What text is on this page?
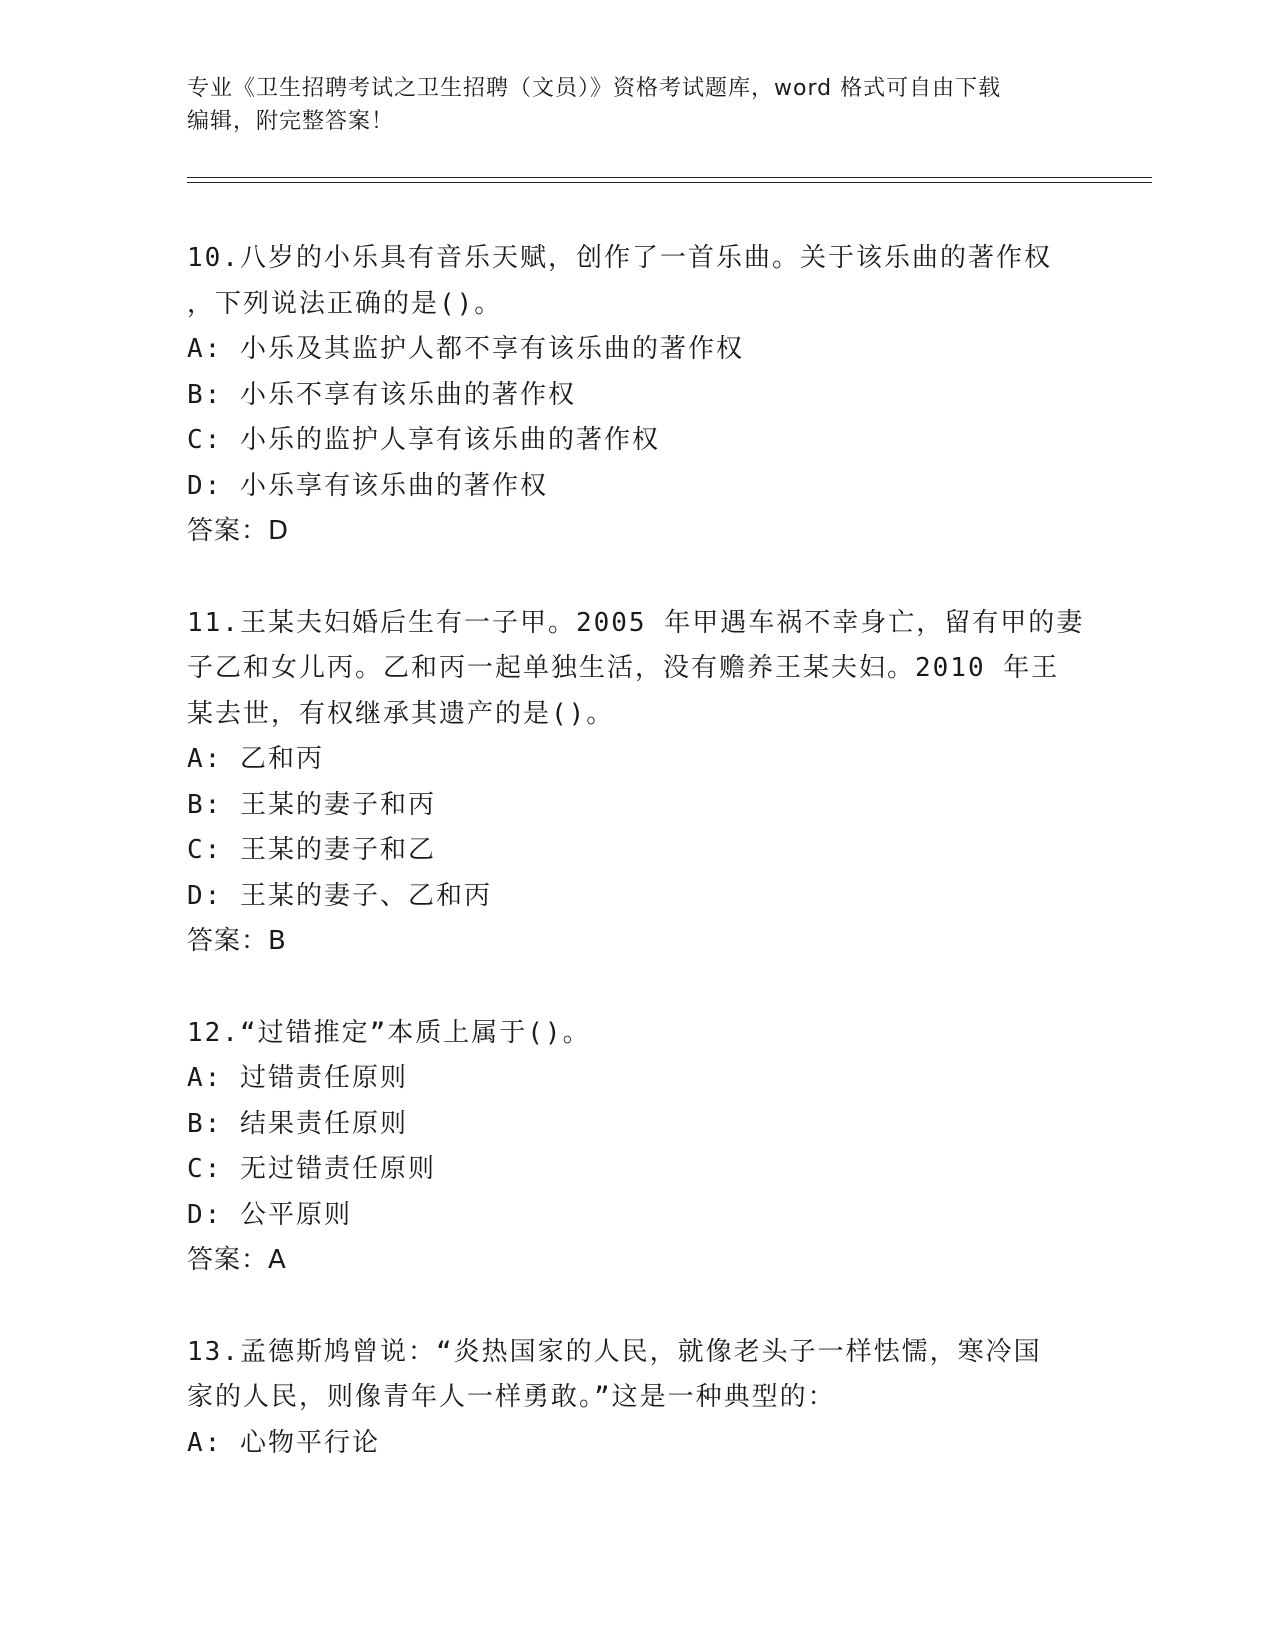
专业《卫生招聘考试之卫生招聘（文员）》资格考试题库，word 格式可自由下载
编辑，附完整答案！

10.八岁的小乐具有音乐天赋，创作了一首乐曲。关于该乐曲的著作权

，下列说法正确的是()。

A: 小乐及其监护人都不享有该乐曲的著作权

B: 小乐不享有该乐曲的著作权

C: 小乐的监护人享有该乐曲的著作权

D: 小乐享有该乐曲的著作权

答案：D

11.王某夫妇婚后生有一子甲。2005 年甲遇车祸不幸身亡，留有甲的妻

子乙和女儿丙。乙和丙一起单独生活，没有赡养王某夫妇。2010 年王

某去世，有权继承其遗产的是()。

A: 乙和丙

B: 王某的妻子和丙

C: 王某的妻子和乙

D: 王某的妻子、乙和丙

答案：B

12.“过错推定”本质上属于()。

A: 过错责任原则

B: 结果责任原则

C: 无过错责任原则

D: 公平原则

答案：A

13.孟德斯鸠曾说：“炎热国家的人民，就像老头子一样怯懦，寒冷国

家的人民，则像青年人一样勇敢。”这是一种典型的：

A: 心物平行论
